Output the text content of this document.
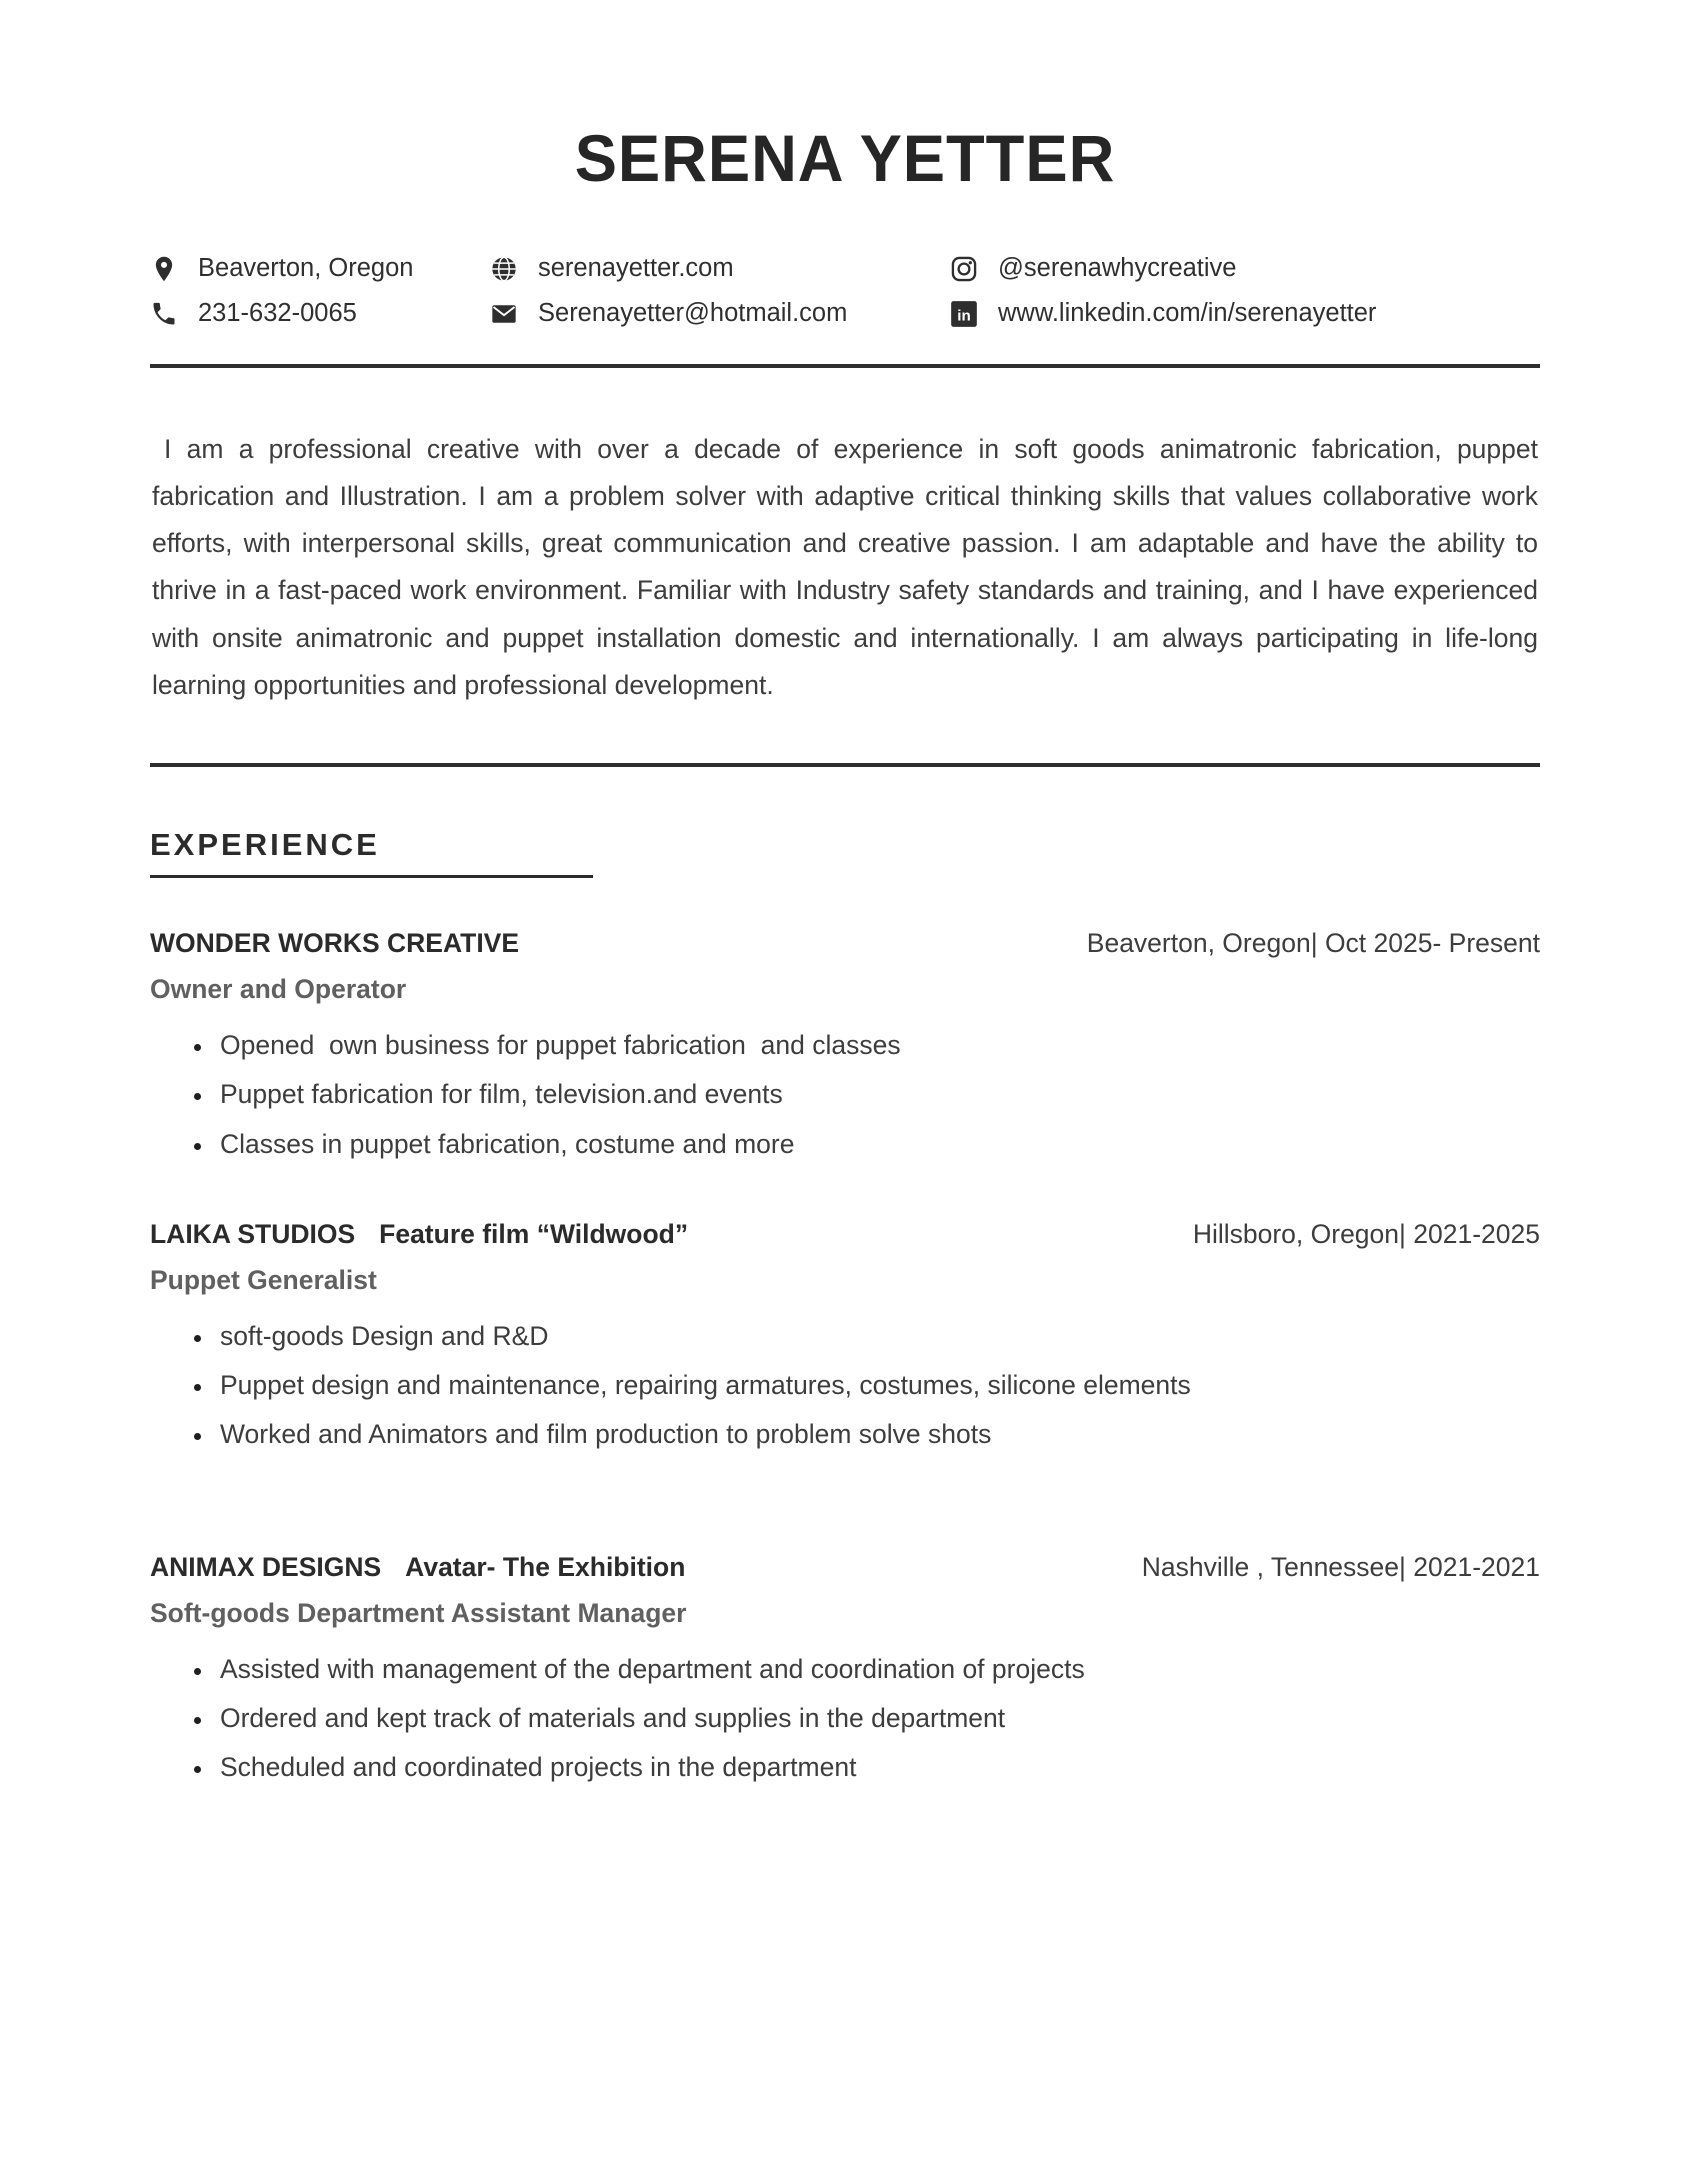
SERENA YETTER
Beaverton, Oregon	serenayetter.com	@serenawhycreative
231-632-0065	Serenayetter@hotmail.com	in www.linkedin.com/in/serenayetter

I am a professional creative with over a decade of experience in soft goods animatronic fabrication, puppet fabrication and Illustration. I am a problem solver with adaptive critical thinking skills that values collaborative work efforts, with interpersonal skills, great communication and creative passion. I am adaptable and have the ability to thrive in a fast-paced work environment. Familiar with Industry safety standards and training, and I have experienced with onsite animatronic and puppet installation domestic and internationally. I am always participating in life-long learning opportunities and professional development.

EXPERIENCE
WONDER WORKS CREATIVE	Beaverton, Oregon| Oct 2025- Present
Owner and Operator
• Opened  own business for puppet fabrication  and classes
• Puppet fabrication for film, television.and events
• Classes in puppet fabrication, costume and more
LAIKA STUDIOS Feature film “Wildwood”	Hillsboro, Oregon| 2021-2025
Puppet Generalist
• soft-goods Design and R&D
• Puppet design and maintenance, repairing armatures, costumes, silicone elements
• Worked and Animators and film production to problem solve shots
ANIMAX DESIGNS Avatar- The Exhibition	Nashville , Tennessee| 2021-2021
Soft-goods Department Assistant Manager
• Assisted with management of the department and coordination of projects
• Ordered and kept track of materials and supplies in the department
• Scheduled and coordinated projects in the department
